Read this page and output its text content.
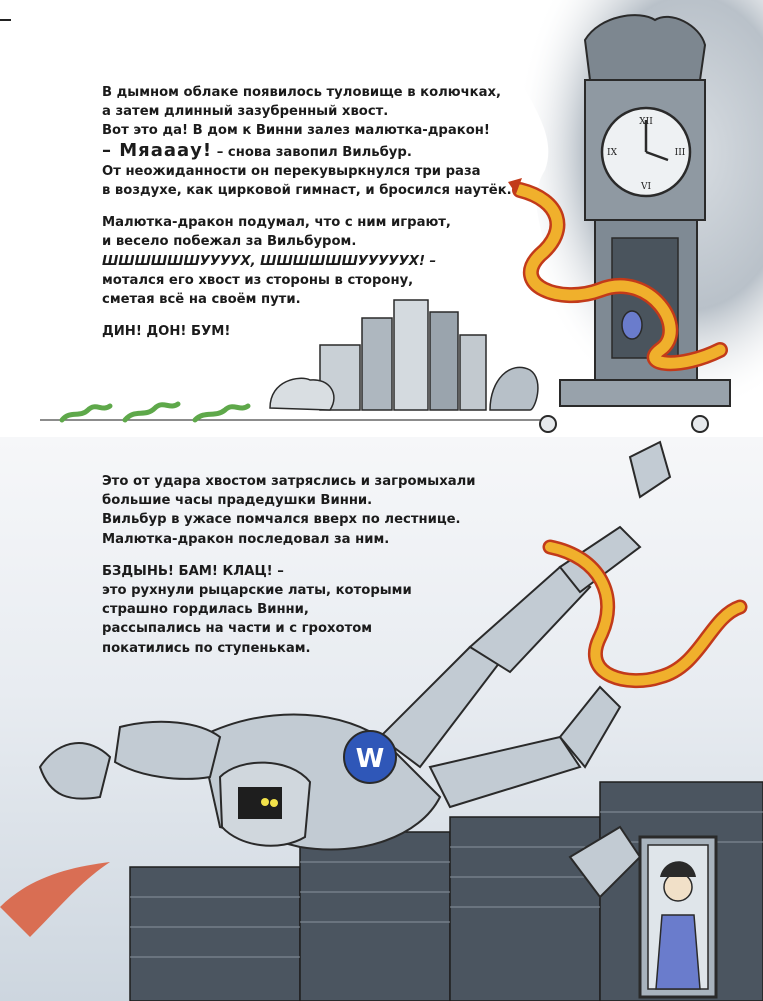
XII
III
VI
IX

В дымном облаке появилось туловище в колючках,
а затем длинный зазубренный хвост.
Вот это да! В дом к Винни залез малютка-дракон!
– Мяааау! – снова завопил Вильбур.
От неожиданности он перекувыркнулся три раза
в воздухе, как цирковой гимнаст, и бросился наутёк.

Малютка-дракон подумал, что с ним играют,
и весело побежал за Вильбуром.
ШШШШШШУУУУХ, ШШШШШШУУУУУХ! –
мотался его хвост из стороны в сторону,
сметая всё на своём пути.

ДИН! ДОН! БУМ!

W

Это от удара хвостом затряслись и загромыхали
большие часы прадедушки Винни.
Вильбур в ужасе помчался вверх по лестнице.
Малютка-дракон последовал за ним.

БЗДЫНЬ! БАМ! КЛАЦ! –
это рухнули рыцарские латы, которыми
страшно гордилась Винни,
рассыпались на части и с грохотом
покатились по ступенькам.
